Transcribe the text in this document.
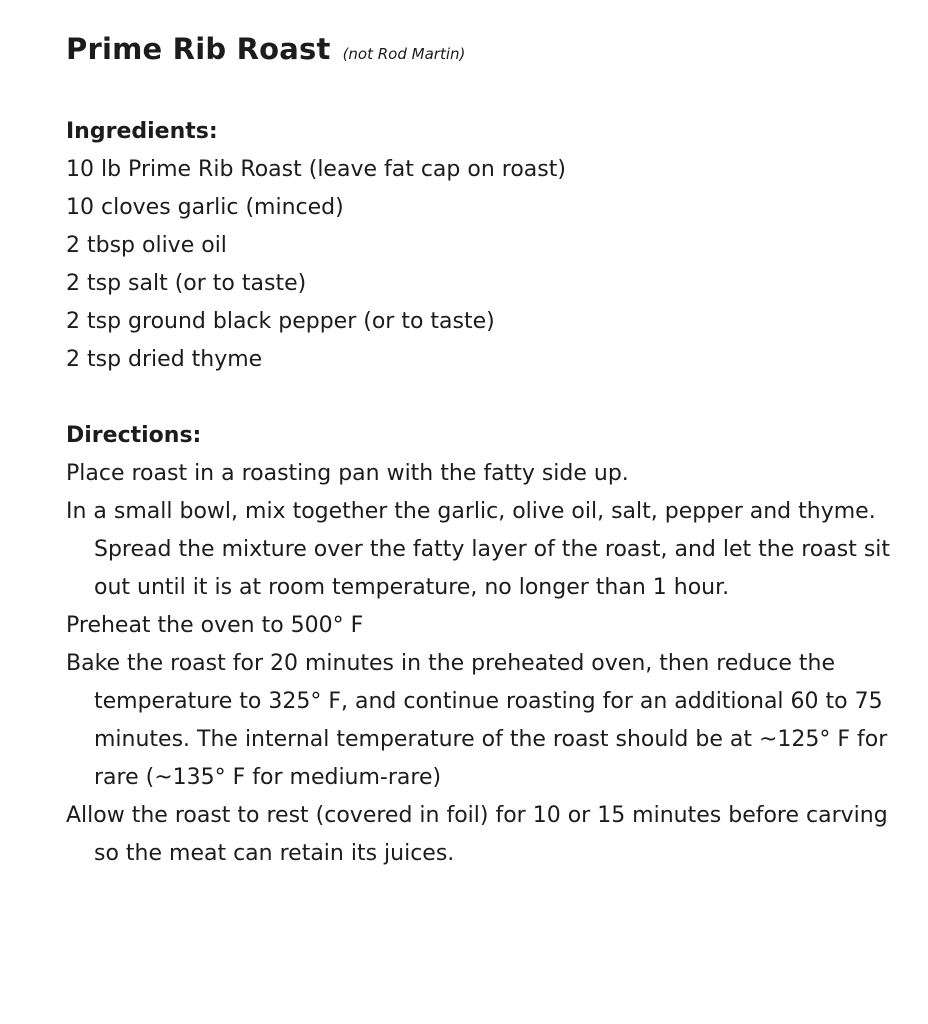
Prime Rib Roast (not Rod Martin)
Ingredients:
10 lb Prime Rib Roast (leave fat cap on roast)
10 cloves garlic (minced)
2 tbsp olive oil
2 tsp salt (or to taste)
2 tsp ground black pepper (or to taste)
2 tsp dried thyme
Directions:
Place roast in a roasting pan with the fatty side up.
In a small bowl, mix together the garlic, olive oil, salt, pepper and thyme. Spread the mixture over the fatty layer of the roast, and let the roast sit out until it is at room temperature, no longer than 1 hour.
Preheat the oven to 500° F
Bake the roast for 20 minutes in the preheated oven, then reduce the temperature to 325° F, and continue roasting for an additional 60 to 75 minutes. The internal temperature of the roast should be at ~125° F for rare (~135° F for medium-rare)
Allow the roast to rest (covered in foil) for 10 or 15 minutes before carving so the meat can retain its juices.
